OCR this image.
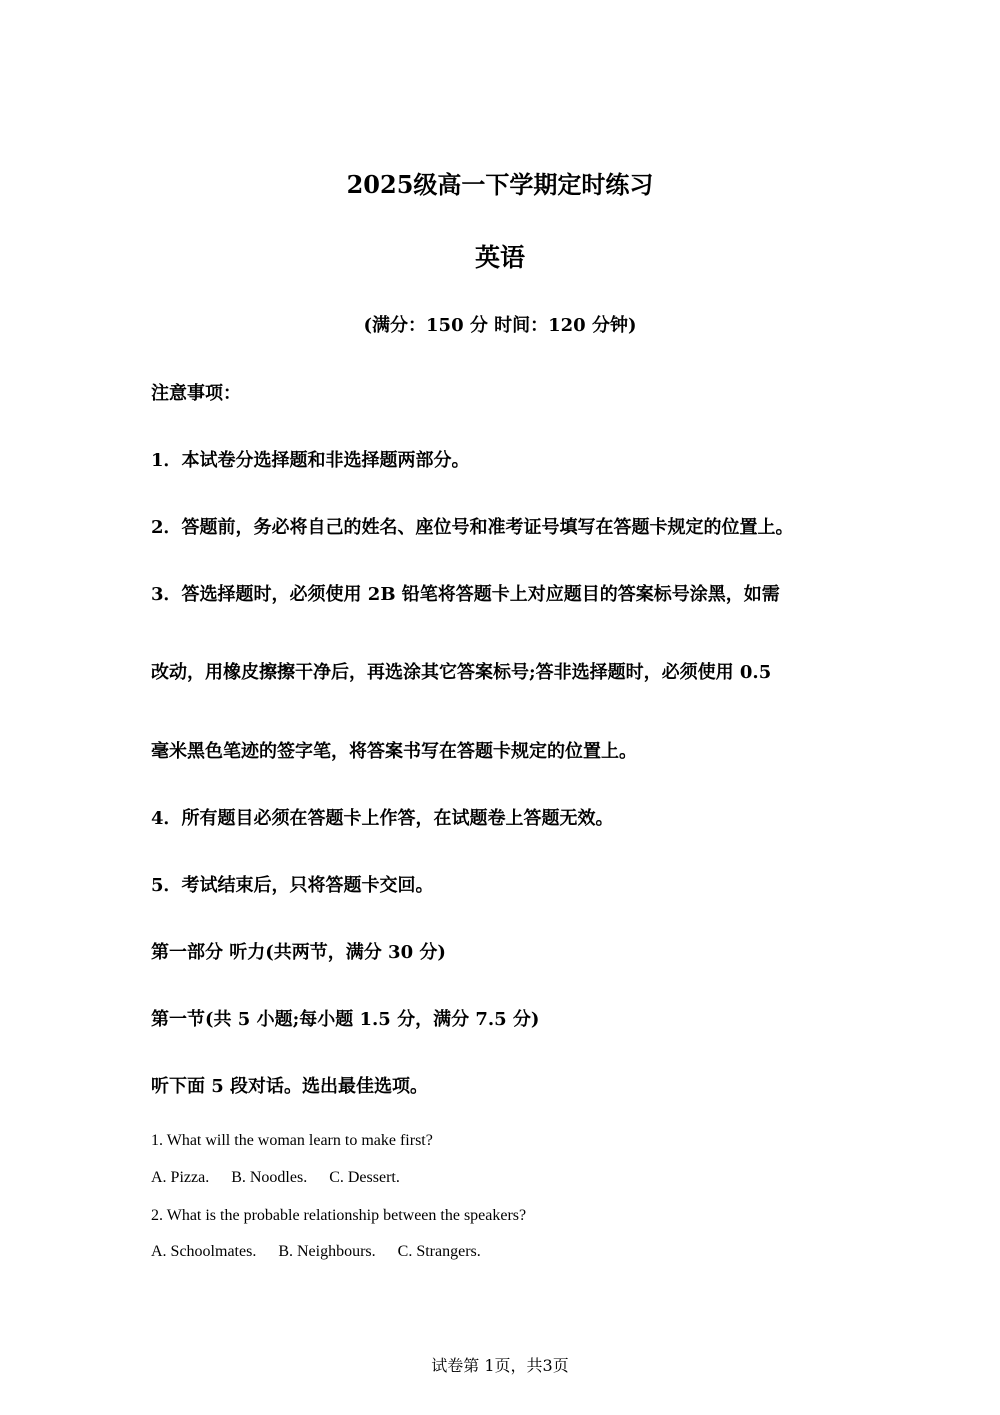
2025级高一下学期定时练习
英语
(满分：150 分 时间：120 分钟)
注意事项：
1．本试卷分选择题和非选择题两部分。
2．答题前，务必将自己的姓名、座位号和准考证号填写在答题卡规定的位置上。
3．答选择题时，必须使用 2B 铅笔将答题卡上对应题目的答案标号涂黑，如需
改动，用橡皮擦擦干净后，再选涂其它答案标号;答非选择题时，必须使用 0.5
毫米黑色笔迹的签字笔，将答案书写在答题卡规定的位置上。
4．所有题目必须在答题卡上作答，在试题卷上答题无效。
5．考试结束后，只将答题卡交回。
第一部分 听力(共两节，满分 30 分)
第一节(共 5 小题;每小题 1.5 分，满分 7.5 分)
听下面 5 段对话。选出最佳选项。
1. What will the woman learn to make first?
A. Pizza. B. Noodles. C. Dessert.
2. What is the probable relationship between the speakers?
A. Schoolmates. B. Neighbours. C. Strangers.
试卷第 1页，共3页
